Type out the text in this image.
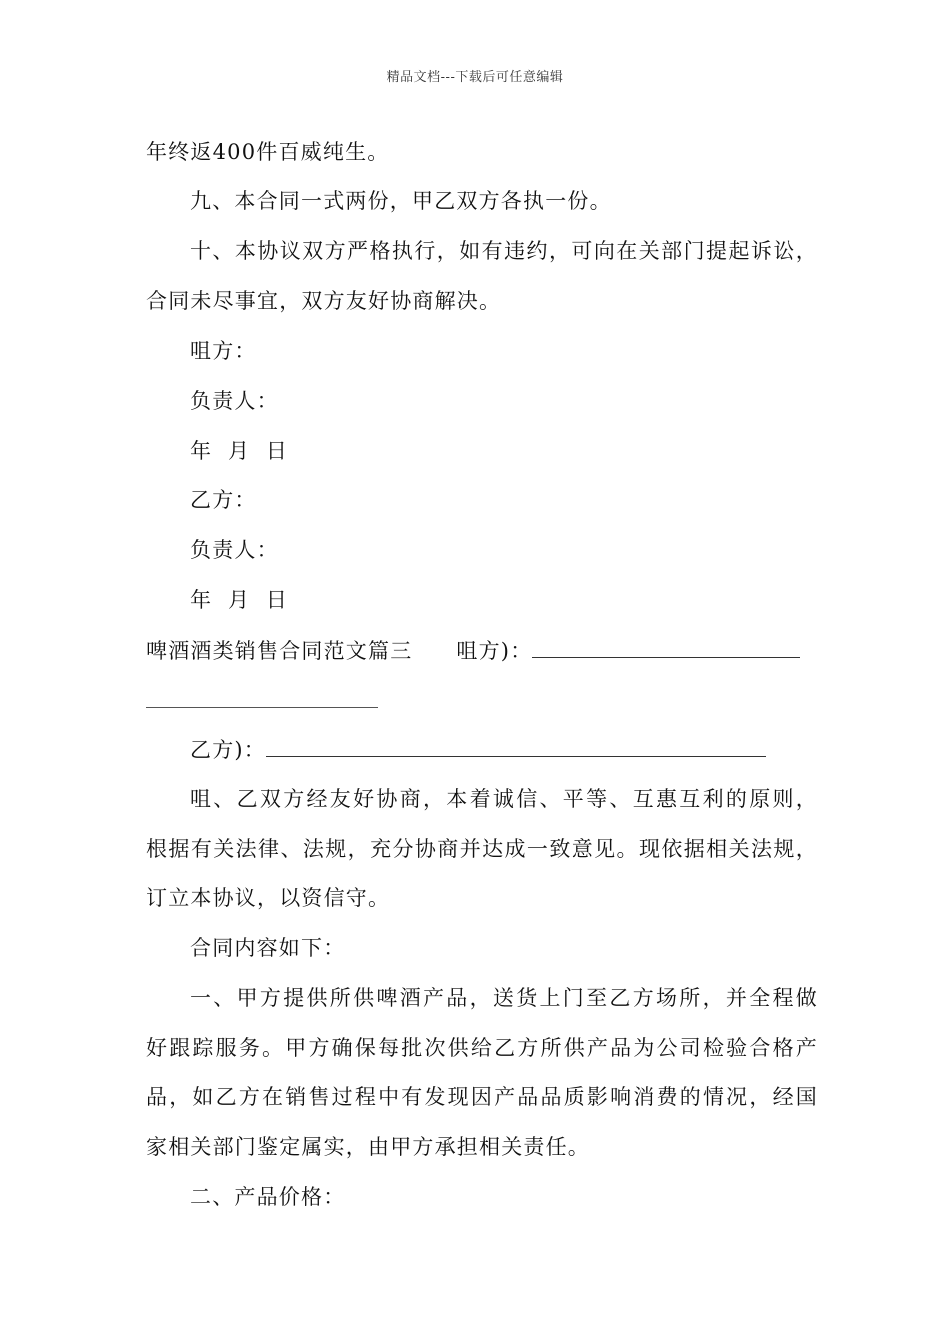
精品文档---下载后可任意编辑
年终返400件百威纯生。
九、本合同一式两份，甲乙双方各执一份。
十、本协议双方严格执行，如有违约，可向在关部门提起诉讼，
合同未尽事宜，双方友好协商解决。
咀方：
负责人：
年  月  日
乙方：
负责人：
年  月  日
啤酒酒类销售合同范文篇三 咀方)：
乙方)：
咀、乙双方经友好协商，本着诚信、平等、互惠互利的原则，
根据有关法律、法规，充分协商并达成一致意见。现依据相关法规，
订立本协议，以资信守。
合同内容如下：
一、甲方提供所供啤酒产品，送货上门至乙方场所，并全程做
好跟踪服务。甲方确保每批次供给乙方所供产品为公司检验合格产
品，如乙方在销售过程中有发现因产品品质影响消费的情况，经国
家相关部门鉴定属实，由甲方承担相关责任。
二、产品价格：
